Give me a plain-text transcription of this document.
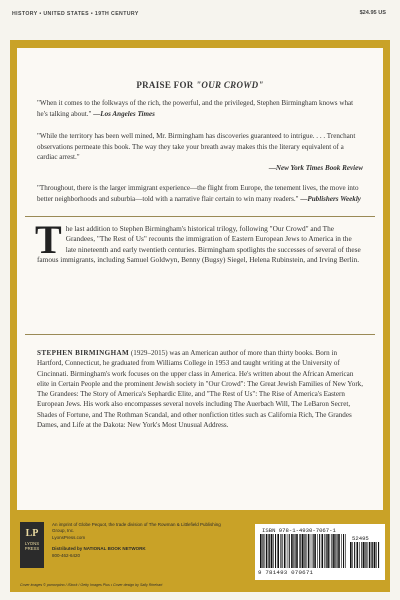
HISTORY • UNITED STATES • 19TH CENTURY	$24.95 US
PRAISE FOR "OUR CROWD"
"When it comes to the folkways of the rich, the powerful, and the privileged, Stephen Birmingham knows what he's talking about." —Los Angeles Times
"While the territory has been well mined, Mr. Birmingham has discoveries guaranteed to intrigue. . . . Trenchant observations permeate this book. The way they take your breath away makes this the literary equivalent of a cardiac arrest."
—New York Times Book Review
"Throughout, there is the larger immigrant experience—the flight from Europe, the tenement lives, the move into better neighborhoods and suburbia—told with a narrative flair certain to win many readers." —Publishers Weekly
The last addition to Stephen Birmingham's historical trilogy, following "Our Crowd" and The Grandees, "The Rest of Us" recounts the immigration of Eastern European Jews to America in the late nineteenth and early twentieth centuries. Birmingham spotlights the successes of several of these famous immigrants, including Samuel Goldwyn, Benny (Bugsy) Siegel, Helena Rubinstein, and Irving Berlin.
STEPHEN BIRMINGHAM (1929–2015) was an American author of more than thirty books. Born in Hartford, Connecticut, he graduated from Williams College in 1953 and taught writing at the University of Cincinnati. Birmingham's work focuses on the upper class in America. He's written about the African American elite in Certain People and the prominent Jewish society in "Our Crowd": The Great Jewish Families of New York, The Grandees: The Story of America's Sephardic Elite, and "The Rest of Us": The Rise of America's Eastern European Jews. His work also encompasses several novels including The Auerbach Will, The LeBaron Secret, Shades of Fortune, and The Rothman Scandal, and other nonfiction titles such as California Rich, The Grandes Dames, and Life at the Dakota: New York's Most Unusual Address.
LP
LYONS PRESS
An imprint of Globe Pequot, the trade division of The Rowman & Littlefield Publishing Group, Inc.
LyonsPress.com
Distributed by NATIONAL BOOK NETWORK
800-462-6420
Cover images © pomonpino / iStock / Getty Images Plus • Cover design by Sally Rinehart
ISBN 978-1-4930-7067-1
52495
9 781493 070671
